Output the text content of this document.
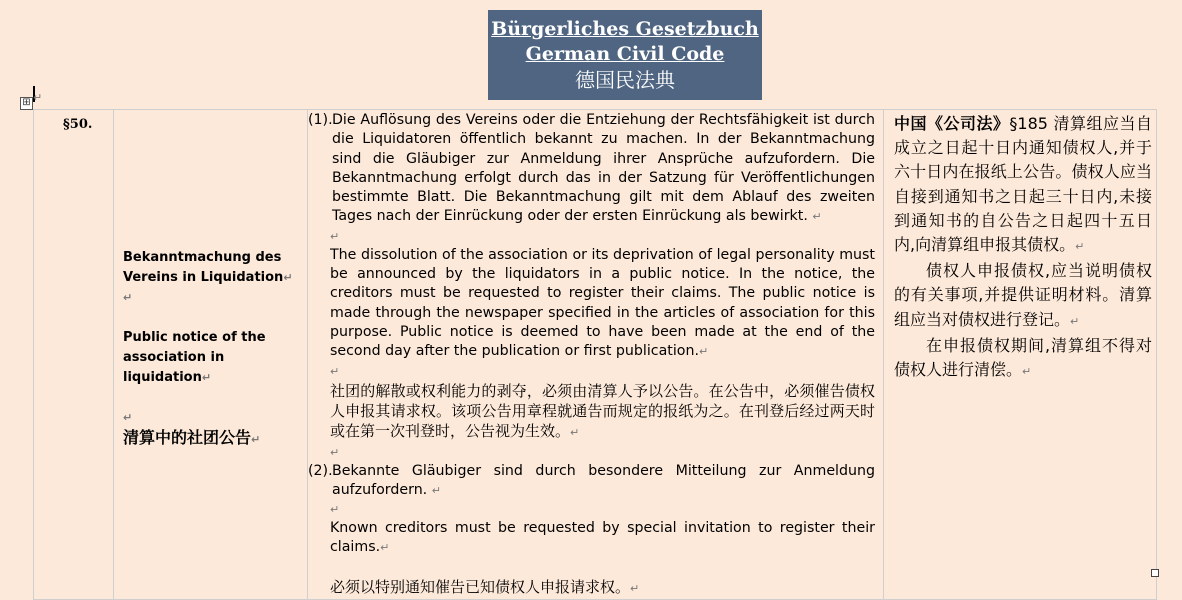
Bürgerliches Gesetzbuch
German Civil Code
德国民法典
↵
⊞
§50.

Bekanntmachung des Vereins in Liquidation↵
↵
Public notice of the association in liquidation↵
↵
清算中的社团公告↵

(1). Die Auflösung des Vereins oder die Entziehung der Rechtsfähigkeit ist durch die Liquidatoren öffentlich bekannt zu machen. In der Bekanntmachung sind die Gläubiger zur Anmeldung ihrer Ansprüche aufzufordern. Die Bekanntmachung erfolgt durch das in der Satzung für Veröffentlichungen bestimmte Blatt. Die Bekanntmachung gilt mit dem Ablauf des zweiten Tages nach der Einrückung oder der ersten Einrückung als bewirkt. ↵
↵
The dissolution of the association or its deprivation of legal personality must be announced by the liquidators in a public notice. In the notice, the creditors must be requested to register their claims. The public notice is made through the newspaper specified in the articles of association for this purpose. Public notice is deemed to have been made at the end of the second day after the publication or first publication.↵
↵
社团的解散或权利能力的剥夺，必须由清算人予以公告。在公告中，必须催告债权人申报其请求权。该项公告用章程就通告而规定的报纸为之。在刊登后经过两天时或在第一次刊登时，公告视为生效。↵
↵
(2). Bekannte Gläubiger sind durch besondere Mitteilung zur Anmeldung aufzufordern. ↵
↵
Known creditors must be requested by special invitation to register their claims.↵
必须以特别通知催告已知债权人申报请求权。↵

中国《公司法》§185 清算组应当自成立之日起十日内通知债权人,并于六十日内在报纸上公告。债权人应当自接到通知书之日起三十日内,未接到通知书的自公告之日起四十五日内,向清算组申报其债权。↵
债权人申报债权,应当说明债权的有关事项,并提供证明材料。清算组应当对债权进行登记。↵
在申报债权期间,清算组不得对债权人进行清偿。↵
